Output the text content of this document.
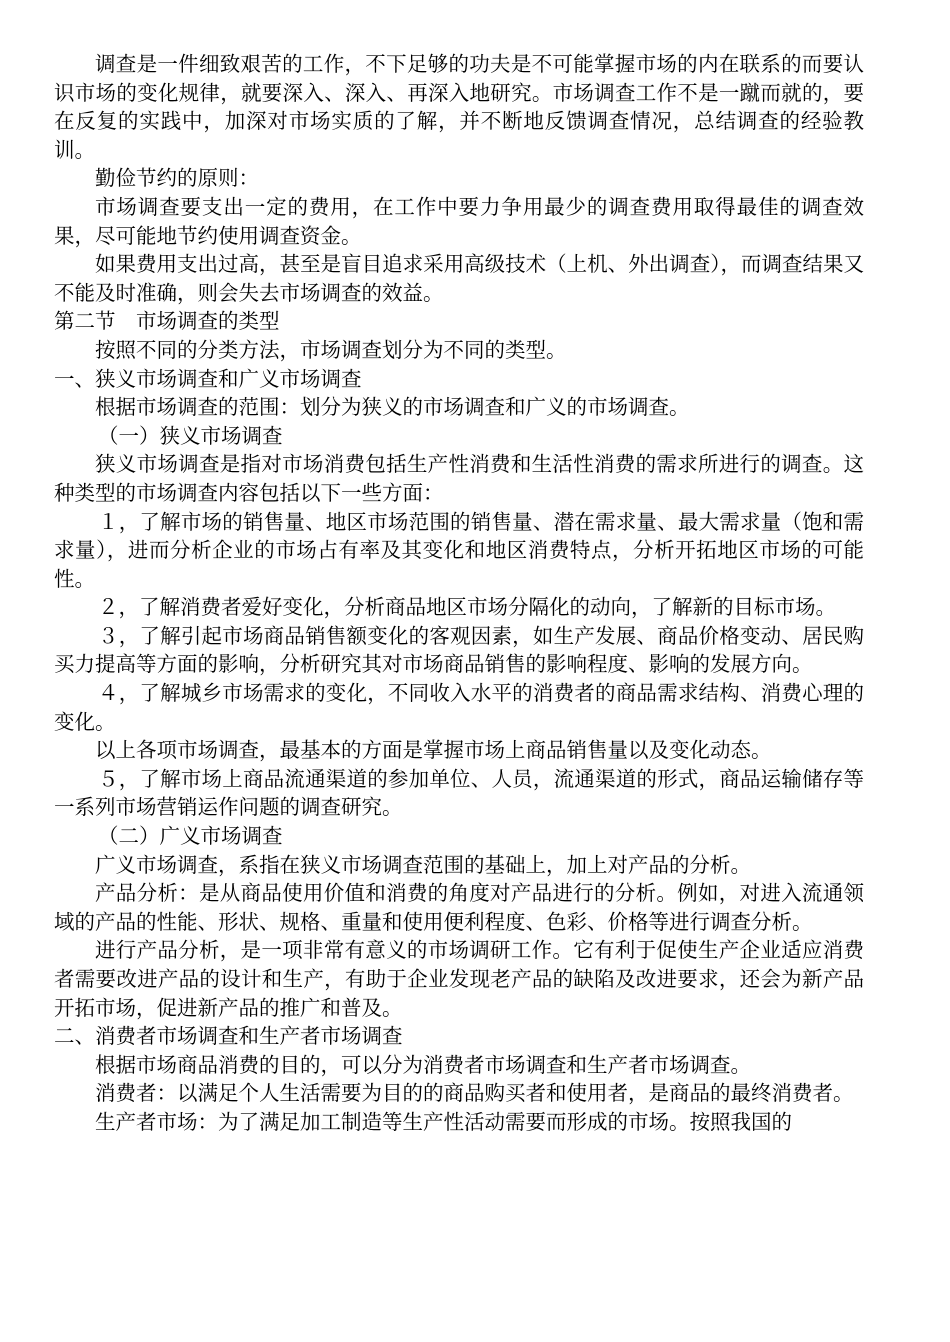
调查是一件细致艰苦的工作，不下足够的功夫是不可能掌握市场的内在联系的而要认识市场的变化规律，就要深入、深入、再深入地研究。市场调查工作不是一蹴而就的，要在反复的实践中，加深对市场实质的了解，并不断地反馈调查情况，总结调查的经验教训。

勤俭节约的原则：

市场调查要支出一定的费用，在工作中要力争用最少的调查费用取得最佳的调查效果，尽可能地节约使用调查资金。

如果费用支出过高，甚至是盲目追求采用高级技术（上机、外出调查），而调查结果又不能及时准确，则会失去市场调查的效益。

第二节　市场调查的类型

按照不同的分类方法，市场调查划分为不同的类型。

一、狭义市场调查和广义市场调查

根据市场调查的范围：划分为狭义的市场调查和广义的市场调查。

（一）狭义市场调查

狭义市场调查是指对市场消费包括生产性消费和生活性消费的需求所进行的调查。这种类型的市场调查内容包括以下一些方面：

１，了解市场的销售量、地区市场范围的销售量、潜在需求量、最大需求量（饱和需求量），进而分析企业的市场占有率及其变化和地区消费特点，分析开拓地区市场的可能性。

２，了解消费者爱好变化，分析商品地区市场分隔化的动向，了解新的目标市场。

３，了解引起市场商品销售额变化的客观因素，如生产发展、商品价格变动、居民购买力提高等方面的影响，分析研究其对市场商品销售的影响程度、影响的发展方向。

４，了解城乡市场需求的变化，不同收入水平的消费者的商品需求结构、消费心理的变化。

以上各项市场调查，最基本的方面是掌握市场上商品销售量以及变化动态。

５，了解市场上商品流通渠道的参加单位、人员，流通渠道的形式，商品运输储存等一系列市场营销运作问题的调查研究。

（二）广义市场调查

广义市场调查，系指在狭义市场调查范围的基础上，加上对产品的分析。

产品分析：是从商品使用价值和消费的角度对产品进行的分析。例如，对进入流通领域的产品的性能、形状、规格、重量和使用便利程度、色彩、价格等进行调查分析。

进行产品分析，是一项非常有意义的市场调研工作。它有利于促使生产企业适应消费者需要改进产品的设计和生产，有助于企业发现老产品的缺陷及改进要求，还会为新产品开拓市场，促进新产品的推广和普及。

二、消费者市场调查和生产者市场调查

根据市场商品消费的目的，可以分为消费者市场调查和生产者市场调查。

消费者：以满足个人生活需要为目的的商品购买者和使用者，是商品的最终消费者。

生产者市场：为了满足加工制造等生产性活动需要而形成的市场。按照我国的
